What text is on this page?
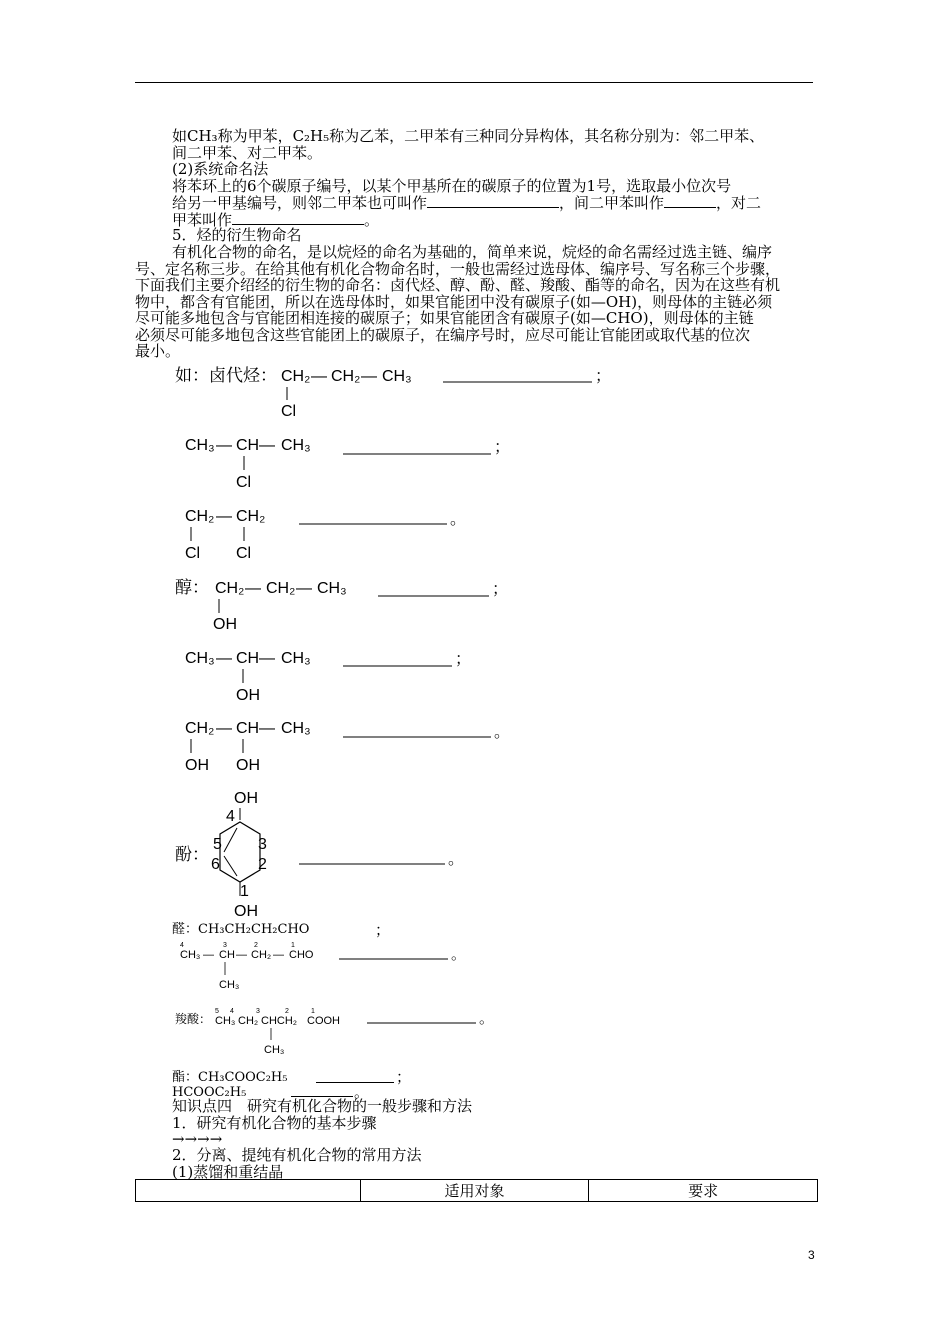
如CH₃称为甲苯，C₂H₅称为乙苯，二甲苯有三种同分异构体，其名称分别为：邻二甲苯、
间二甲苯、对二甲苯。
(2)系统命名法
将苯环上的6个碳原子编号，以某个甲基所在的碳原子的位置为1号，选取最小位次号
给另一甲基编号，则邻二甲苯也可叫作	，间二甲苯叫作	，对二
甲苯叫作	。
5．烃的衍生物命名
有机化合物的命名，是以烷烃的命名为基础的，简单来说，烷烃的命名需经过选主链、编序
号、定名称三步。在给其他有机化合物命名时，一般也需经过选母体、编序号、写名称三个步骤，
下面我们主要介绍经的衍生物的命名：卤代烃、醇、酚、醛、羧酸、酯等的命名，因为在这些有机
物中，都含有官能团，所以在选母体时，如果官能团中没有碳原子(如—OH)，则母体的主链必须
尽可能多地包含与官能团相连接的碳原子；如果官能团含有碳原子(如—CHO)，则母体的主链
必须尽可能多地包含这些官能团上的碳原子，在编序号时，应尽可能让官能团或取代基的位次
最小。
如：卤代烃： CH₂ — CH₂ — CH₃
Cl
；
CH₃ — CH — CH₃
Cl
；
CH₂ — CH₂
Cl Cl
。
醇： CH₂ — CH₂ — CH₃
OH
；
CH₃ — CH — CH₃
OH
；
CH₂ — CH — CH₃
OH OH
。
OH
4
5 3
6 2
酚：
1
OH
。
醛：CH₃CH₂CH₂CHO	；
4	3	2	1
CH₃ — CH — CH₂ — CHO
CH₃
。
羧酸：
5 4	3	2	1
CH₃ CH₂ CHCH₂ COOH
CH₃
。
酯：CH₃COOC₂H₅	；
HCOOC₂H₅	。
知识点四　研究有机化合物的一般步骤和方法
1．研究有机化合物的基本步骤
→→→→
2．分离、提纯有机化合物的常用方法
(1)蒸馏和重结晶
	适用对象	要求
3
